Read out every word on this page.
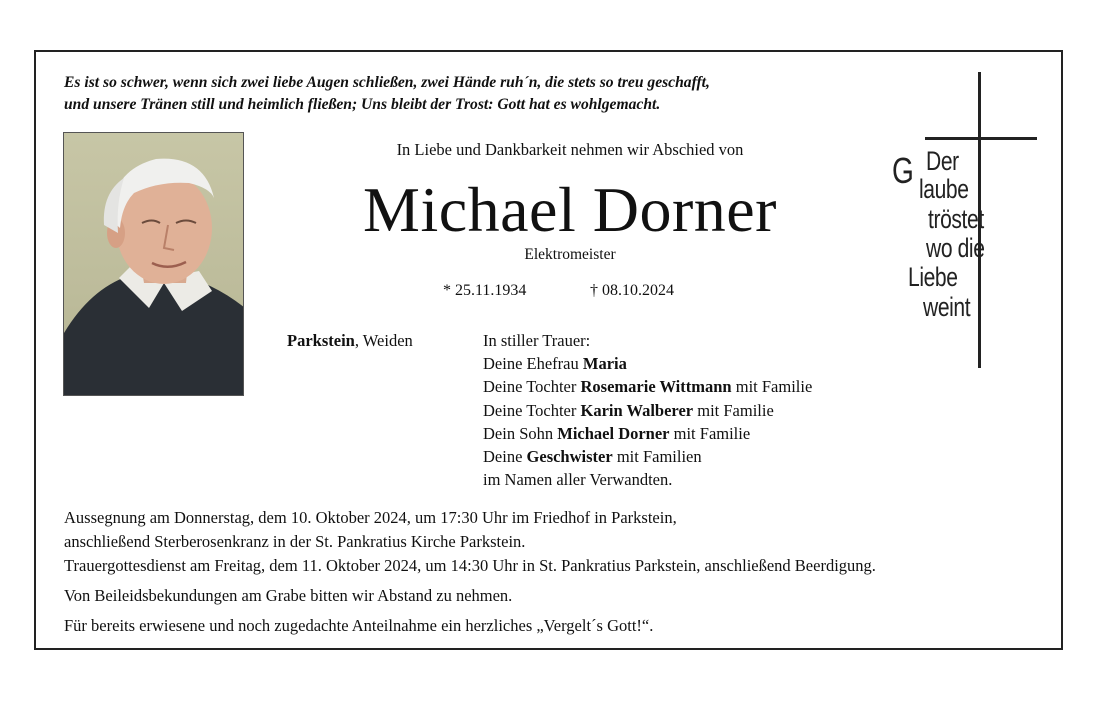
Es ist so schwer, wenn sich zwei liebe Augen schließen, zwei Hände ruh´n, die stets so treu geschafft,
und unsere Tränen still und heimlich fließen; Uns bleibt der Trost: Gott hat es wohlgemacht.
In Liebe und Dankbarkeit nehmen wir Abschied von
Michael Dorner
Elektromeister
* 25.11.1934	† 08.10.2024
Parkstein, Weiden	In stiller Trauer:
Deine Ehefrau Maria
Deine Tochter Rosemarie Wittmann mit Familie
Deine Tochter Karin Walberer mit Familie
Dein Sohn Michael Dorner mit Familie
Deine Geschwister mit Familien
im Namen aller Verwandten.
G Der
laube
tröstet
wo die
Liebe
weint
Aussegnung am Donnerstag, dem 10. Oktober 2024, um 17:30 Uhr im Friedhof in Parkstein,
anschließend Sterberosenkranz in der St. Pankratius Kirche Parkstein.
Trauergottesdienst am Freitag, dem 11. Oktober 2024, um 14:30 Uhr in St. Pankratius Parkstein, anschließend Beerdigung.
Von Beileidsbekundungen am Grabe bitten wir Abstand zu nehmen.
Für bereits erwiesene und noch zugedachte Anteilnahme ein herzliches „Vergelt´s Gott!“.
